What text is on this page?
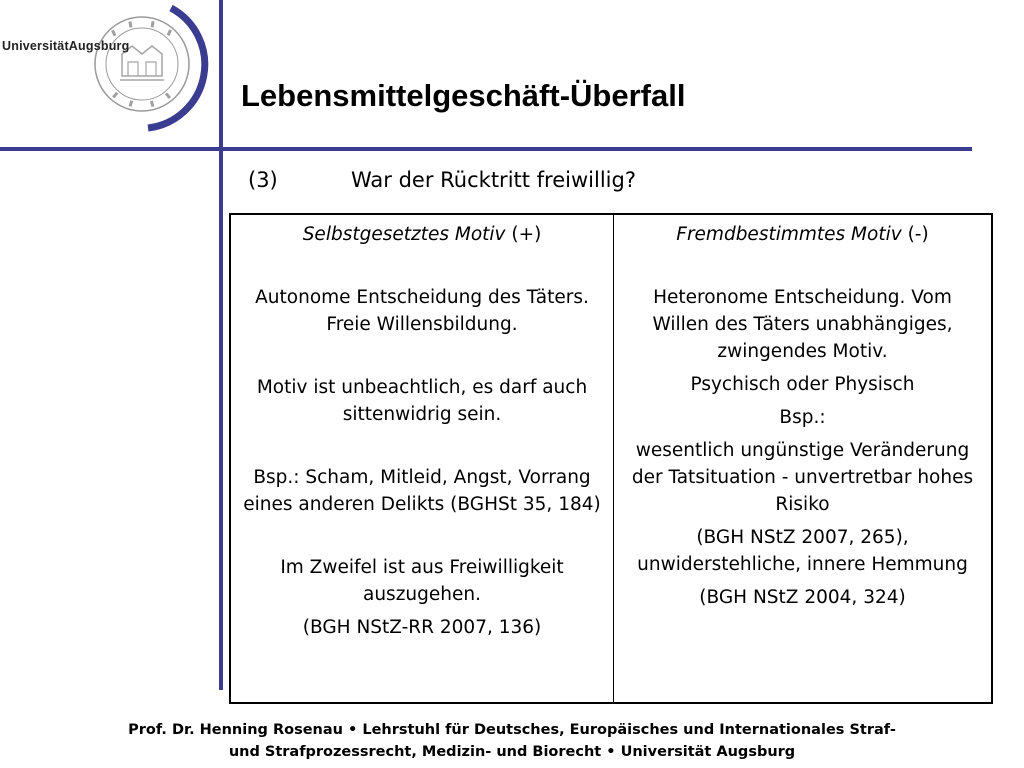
UniversitätAugsburg
Lebensmittelgeschäft-Überfall
(3)	War der Rücktritt freiwillig?

Selbstgesetztes Motiv (+)

Autonome Entscheidung des Täters. Freie Willensbildung.

Motiv ist unbeachtlich, es darf auch sittenwidrig sein.

Bsp.: Scham, Mitleid, Angst, Vorrang eines anderen Delikts (BGHSt 35, 184)

Im Zweifel ist aus Freiwilligkeit auszugehen.

(BGH NStZ-RR 2007, 136)

Fremdbestimmtes Motiv (-)

Heteronome Entscheidung. Vom Willen des Täters unabhängiges, zwingendes Motiv.

Psychisch oder Physisch

Bsp.:

wesentlich ungünstige Veränderung der Tatsituation - unvertretbar hohes Risiko

(BGH NStZ 2007, 265), unwiderstehliche, innere Hemmung

(BGH NStZ 2004, 324)

Prof. Dr. Henning Rosenau • Lehrstuhl für Deutsches, Europäisches und Internationales Straf-
und Strafprozessrecht, Medizin- und Biorecht • Universität Augsburg
